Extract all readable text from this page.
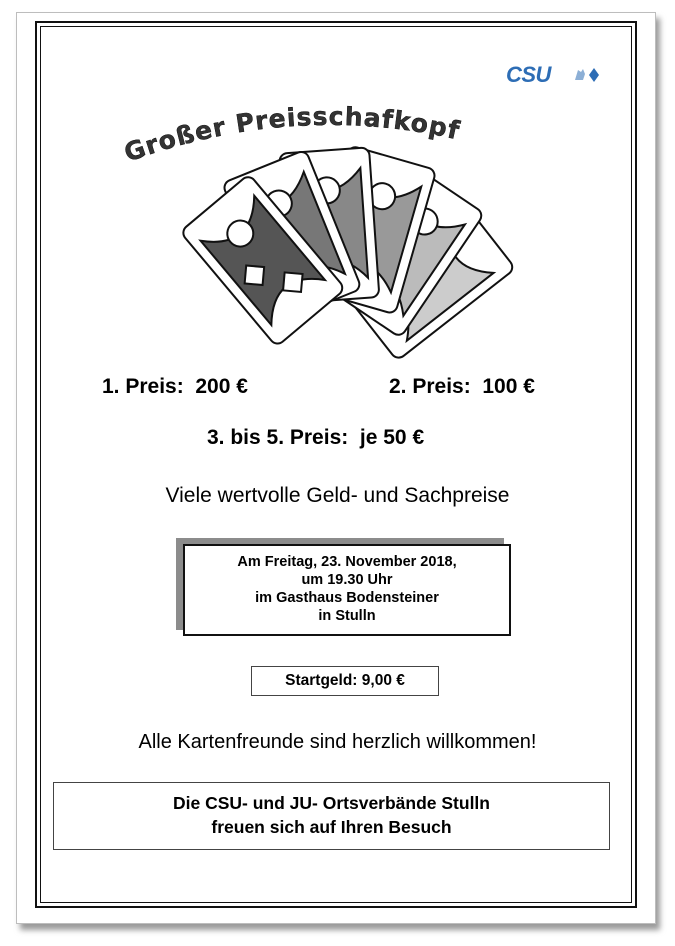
CSU
Großer Preisschafkopf
1. Preis:  200 €	2. Preis:  100 €
3. bis 5. Preis:  je 50 €
Viele wertvolle Geld- und Sachpreise
Am Freitag, 23. November 2018,
um 19.30 Uhr
im Gasthaus Bodensteiner
in Stulln
Startgeld: 9,00 €
Alle Kartenfreunde sind herzlich willkommen!
Die CSU- und JU- Ortsverbände Stulln
freuen sich auf Ihren Besuch
